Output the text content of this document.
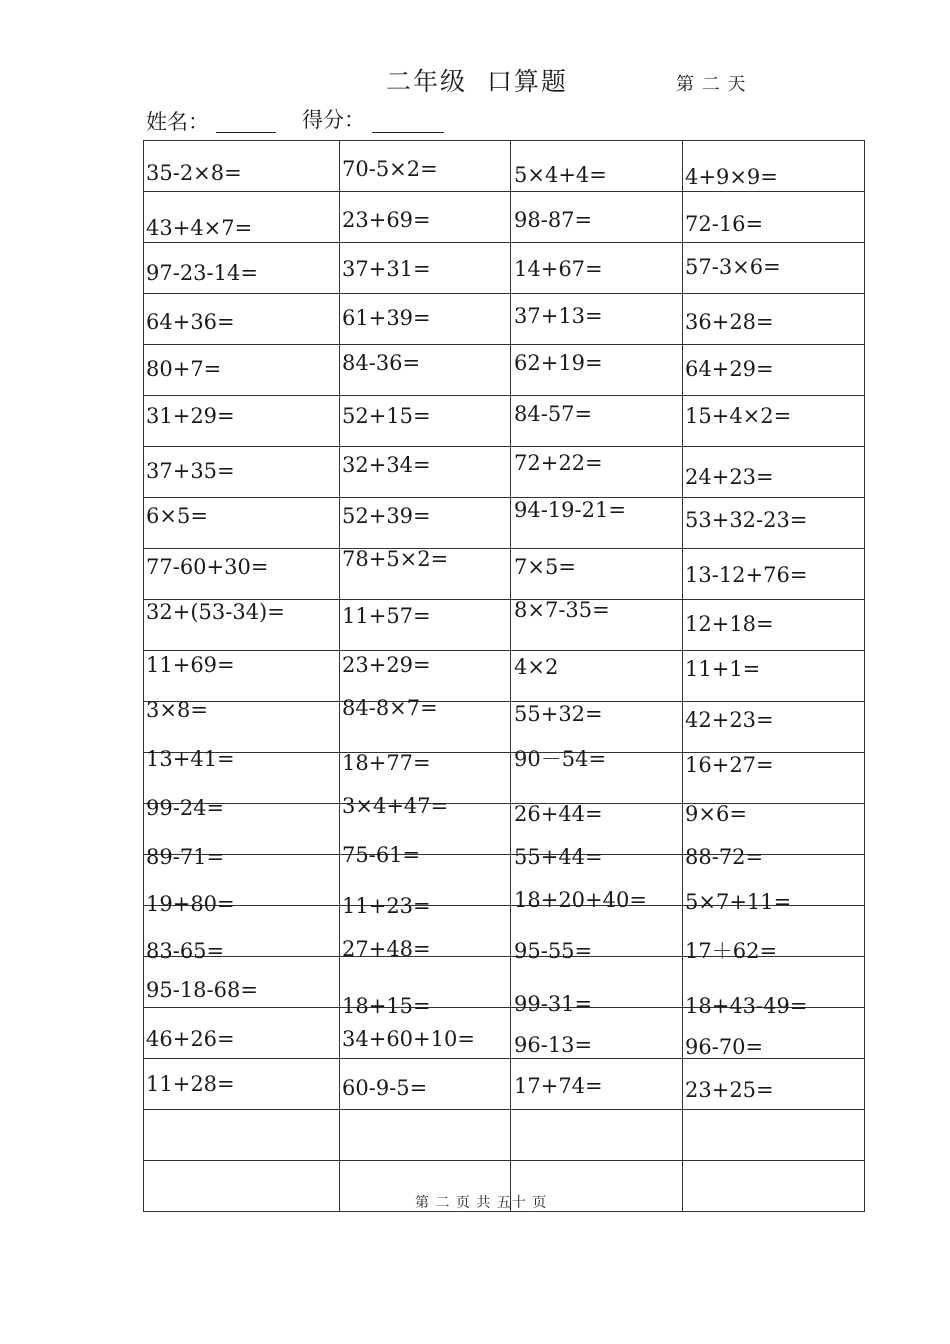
二年级  口算题	第 二 天
姓名：	得分：
35-2×8=	70-5×2=	5×4+4=	4+9×9=

43+4×7=	23+69=	98-87=	72-16=

97-23-14=	37+31=	14+67=	57-3×6=

64+36=	61+39=	37+13=	36+28=

80+7=	84-36=	62+19=	64+29=

31+29=	52+15=	84-57=	15+4×2=

37+35=	32+34=	72+22=	24+23=

6×5=	52+39=	94-19-21=	53+32-23=

77-60+30=	78+5×2=	7×5=	13-12+76=

32+(53-34)=	11+57=	8×7-35=	12+18=

11+69=	23+29=	4×2	11+1=

3×8=	84-8×7=	55+32=	42+23=

13+41=	18+77=	90－54=	16+27=

99-24=	3×4+47=	26+44=	9×6=

89-71=	75-61=	55+44=	88-72=

19+80=	11+23=	18+20+40=	5×7+11=

83-65=	27+48=	95-55=	17＋62=

95-18-68=	18+15=	99-31=	18+43-49=

46+26=	34+60+10=	96-13=	96-70=

11+28=	60-9-5=	17+74=	23+25=

第 二 页 共 五十 页
